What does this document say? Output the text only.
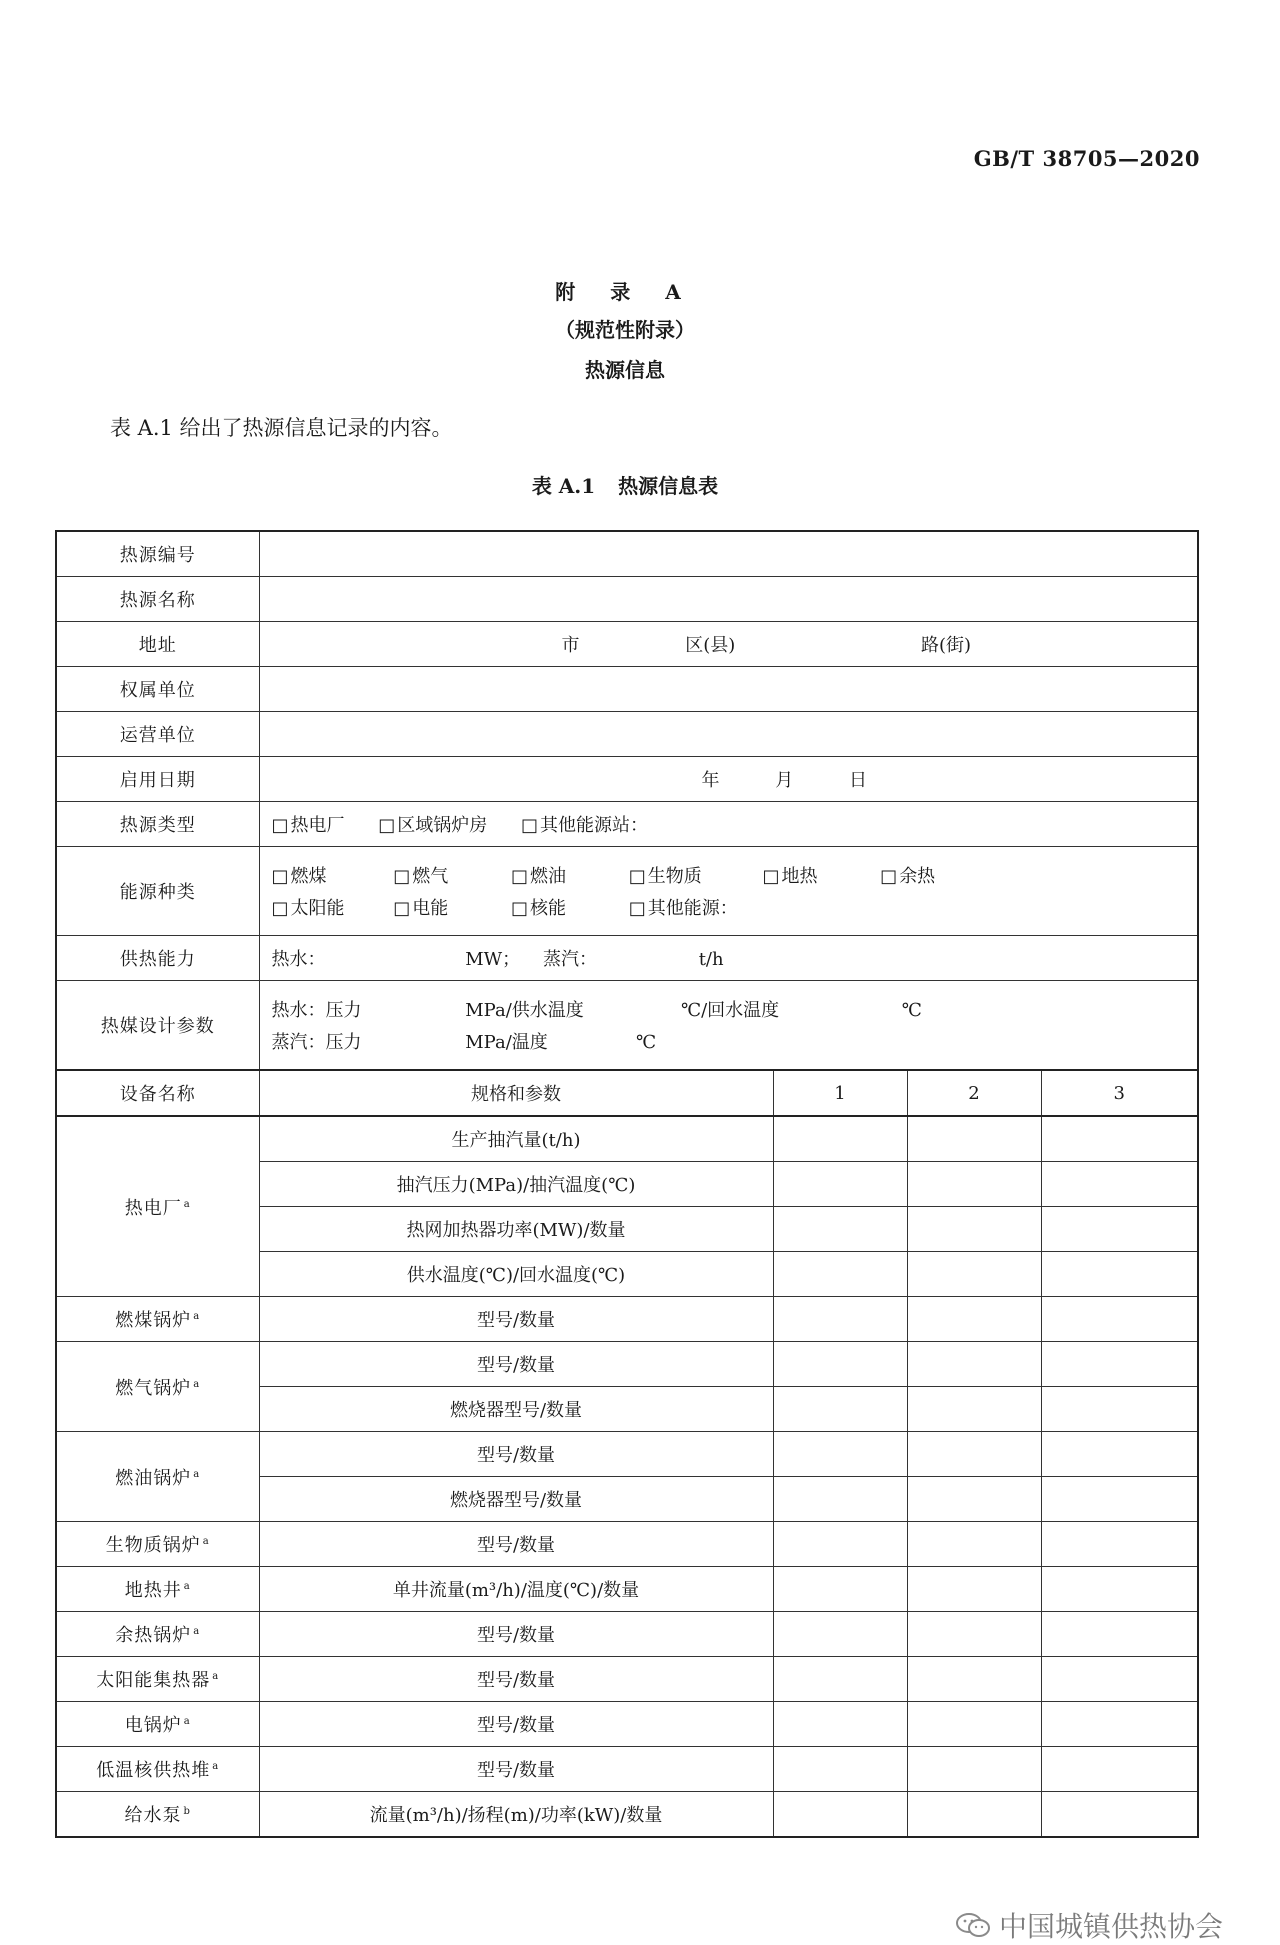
GB/T 38705—2020
附 录 A
（规范性附录）
热源信息
表 A.1 给出了热源信息记录的内容。
表 A.1 热源信息表
热源编号				
热源名称				
地址	市 区(县) 路(街)			
权属单位				
运营单位				
启用日期	年 月 日			
热源类型	□ 热电厂 □ 区域锅炉房 □ 其他能源站：
能源种类	□ 燃煤 □ 燃气 □ 燃油 □ 生物质 □ 地热 □ 余热
□ 太阳能 □ 电能 □ 核能 □ 其他能源：

供热能力	热水： MW； 蒸汽： t/h			
热媒设计参数	热水：压力 MPa/供水温度 ℃/回水温度 ℃
蒸汽：压力 MPa/温度 ℃			

设备名称	规格和参数	1	2	3
热电厂 $^a$	生产抽汽量(t/h)			
	抽汽压力(MPa)/抽汽温度(℃)			
	热网加热器功率(MW)/数量			
	供水温度(℃)/回水温度(℃)			
燃煤锅炉 $^a$	型号/数量			
燃气锅炉 $^a$	型号/数量			
	燃烧器型号/数量			
燃油锅炉 $^a$	型号/数量			
	燃烧器型号/数量			
生物质锅炉 $^a$	型号/数量			
地热井 $^a$	单井流量(m³/h)/温度(℃)/数量			
余热锅炉 $^a$	型号/数量			
太阳能集热器 $^a$	型号/数量			
电锅炉 $^a$	型号/数量			
低温核供热堆 $^a$	型号/数量			
给水泵 $^b$	流量(m³/h)/扬程(m)/功率(kW)/数量			
中国城镇供热协会
